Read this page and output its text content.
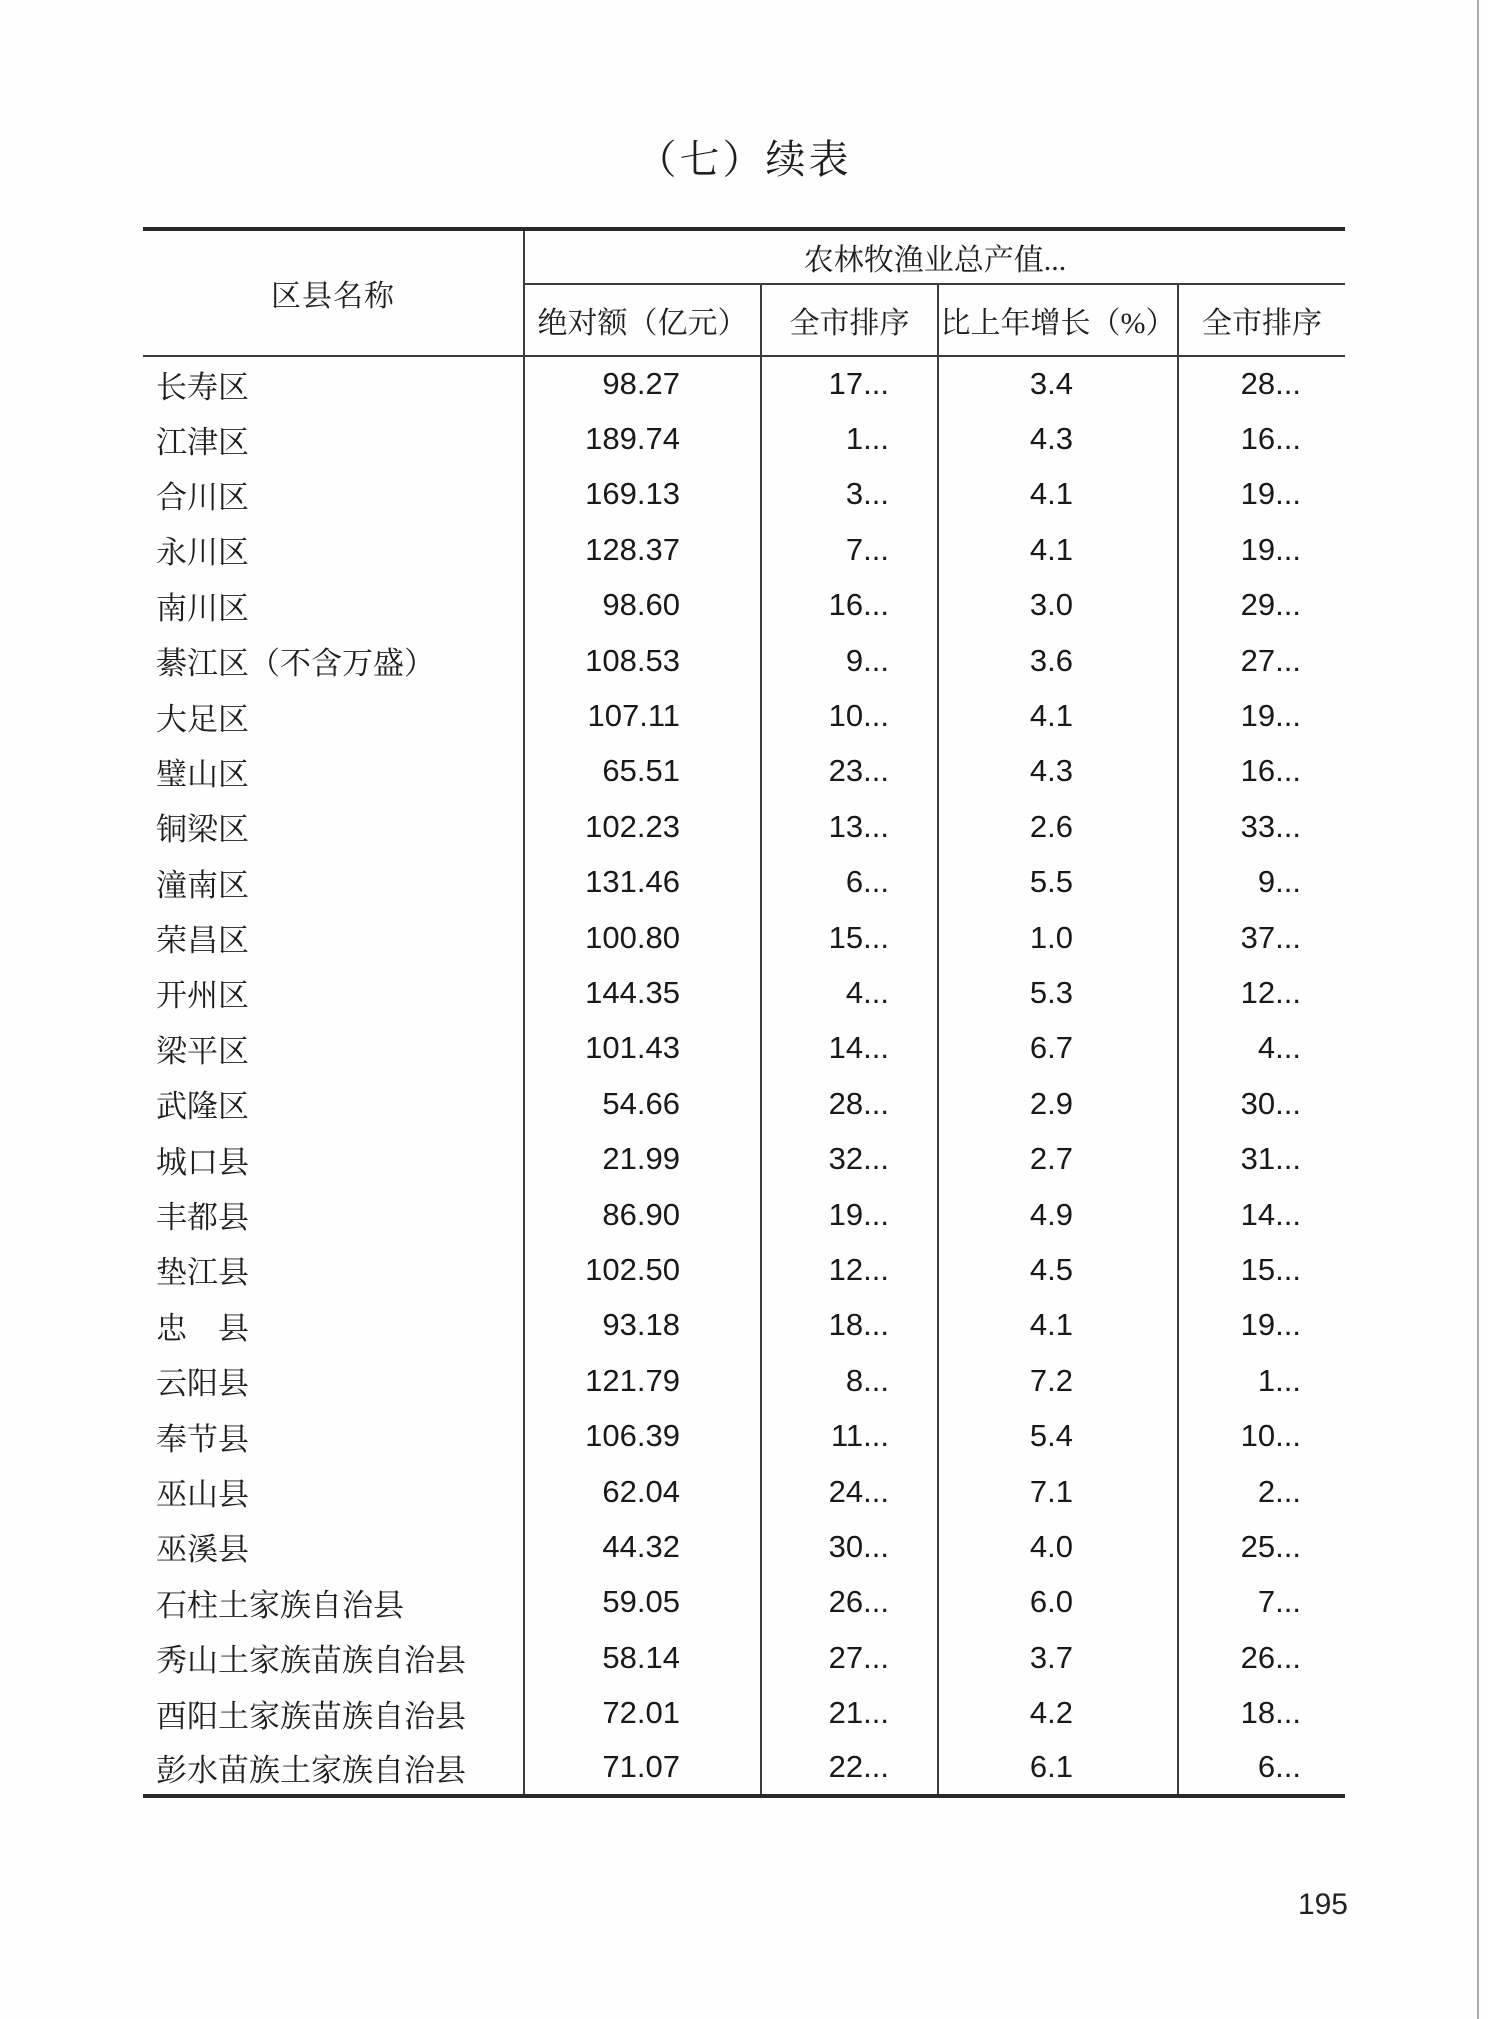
（七）续表
区县名称	农林牧渔业总产值...			
	绝对额（亿元）	全市排序	比上年增长（%）	全市排序
长寿区	98.27	17...	3.4	28...
江津区	189.74	1...	4.3	16...
合川区	169.13	3...	4.1	19...
永川区	128.37	7...	4.1	19...
南川区	98.60	16...	3.0	29...
綦江区（不含万盛）	108.53	9...	3.6	27...
大足区	107.11	10...	4.1	19...
璧山区	65.51	23...	4.3	16...
铜梁区	102.23	13...	2.6	33...
潼南区	131.46	6...	5.5	9...
荣昌区	100.80	15...	1.0	37...
开州区	144.35	4...	5.3	12...
梁平区	101.43	14...	6.7	4...
武隆区	54.66	28...	2.9	30...
城口县	21.99	32...	2.7	31...
丰都县	86.90	19...	4.9	14...
垫江县	102.50	12...	4.5	15...
忠　县	93.18	18...	4.1	19...
云阳县	121.79	8...	7.2	1...
奉节县	106.39	11...	5.4	10...
巫山县	62.04	24...	7.1	2...
巫溪县	44.32	30...	4.0	25...
石柱土家族自治县	59.05	26...	6.0	7...
秀山土家族苗族自治县	58.14	27...	3.7	26...
酉阳土家族苗族自治县	72.01	21...	4.2	18...
彭水苗族土家族自治县	71.07	22...	6.1	6...
195
